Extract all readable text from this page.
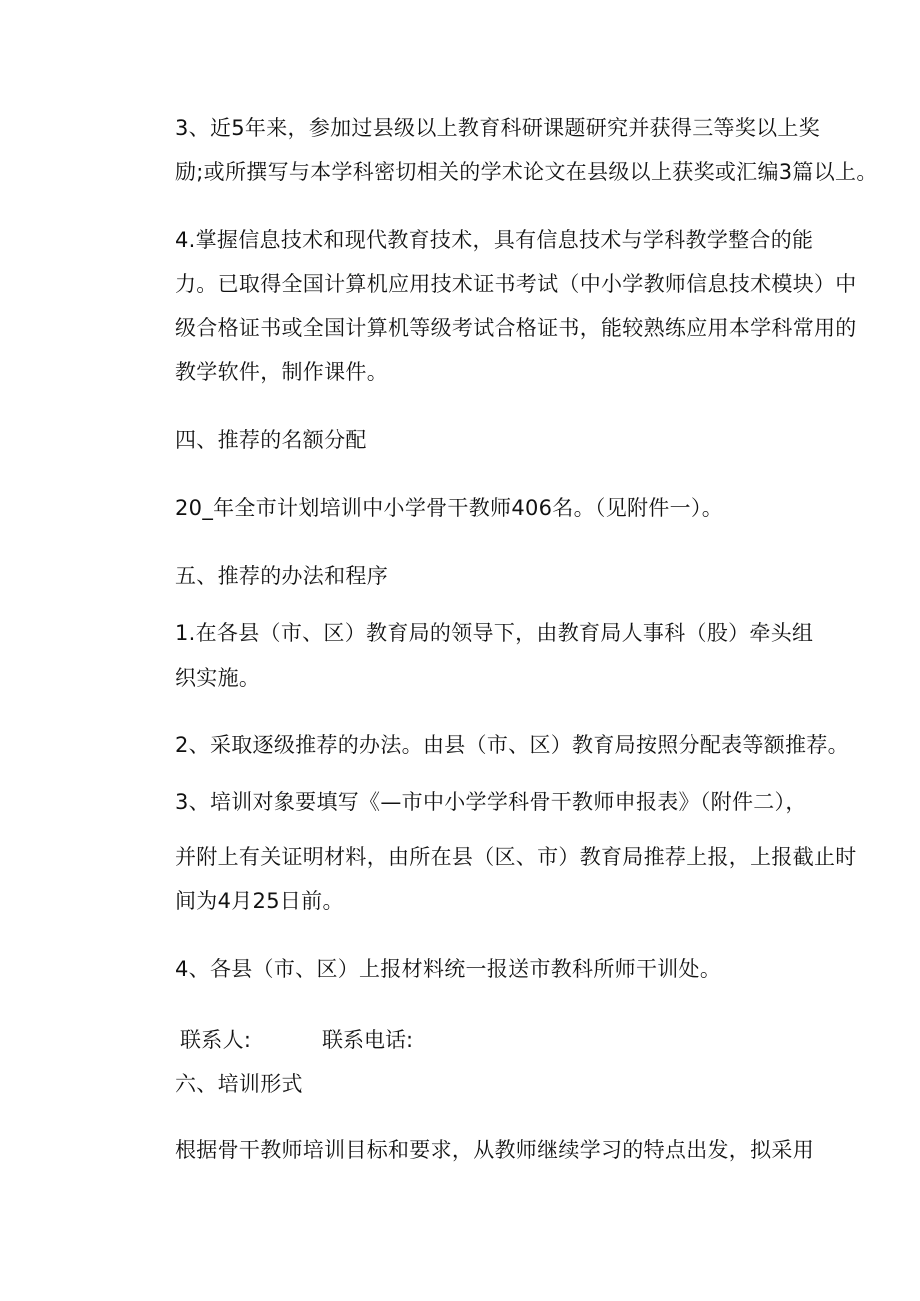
3、近5年来，参加过县级以上教育科研课题研究并获得三等奖以上奖
励;或所撰写与本学科密切相关的学术论文在县级以上获奖或汇编3篇以上。
4.掌握信息技术和现代教育技术，具有信息技术与学科教学整合的能
力。已取得全国计算机应用技术证书考试（中小学教师信息技术模块）中
级合格证书或全国计算机等级考试合格证书，能较熟练应用本学科常用的
教学软件，制作课件。
四、推荐的名额分配
20_年全市计划培训中小学骨干教师406名。（见附件一）。
五、推荐的办法和程序
1.在各县（市、区）教育局的领导下，由教育局人事科（股）牵头组
织实施。
2、采取逐级推荐的办法。由县（市、区）教育局按照分配表等额推荐。
3、培训对象要填写《—市中小学学科骨干教师申报表》（附件二），
并附上有关证明材料，由所在县（区、市）教育局推荐上报，上报截止时
间为4月25日前。
4、各县（市、区）上报材料统一报送市教科所师干训处。
联系人:	联系电话:
六、培训形式
根据骨干教师培训目标和要求，从教师继续学习的特点出发，拟采用
